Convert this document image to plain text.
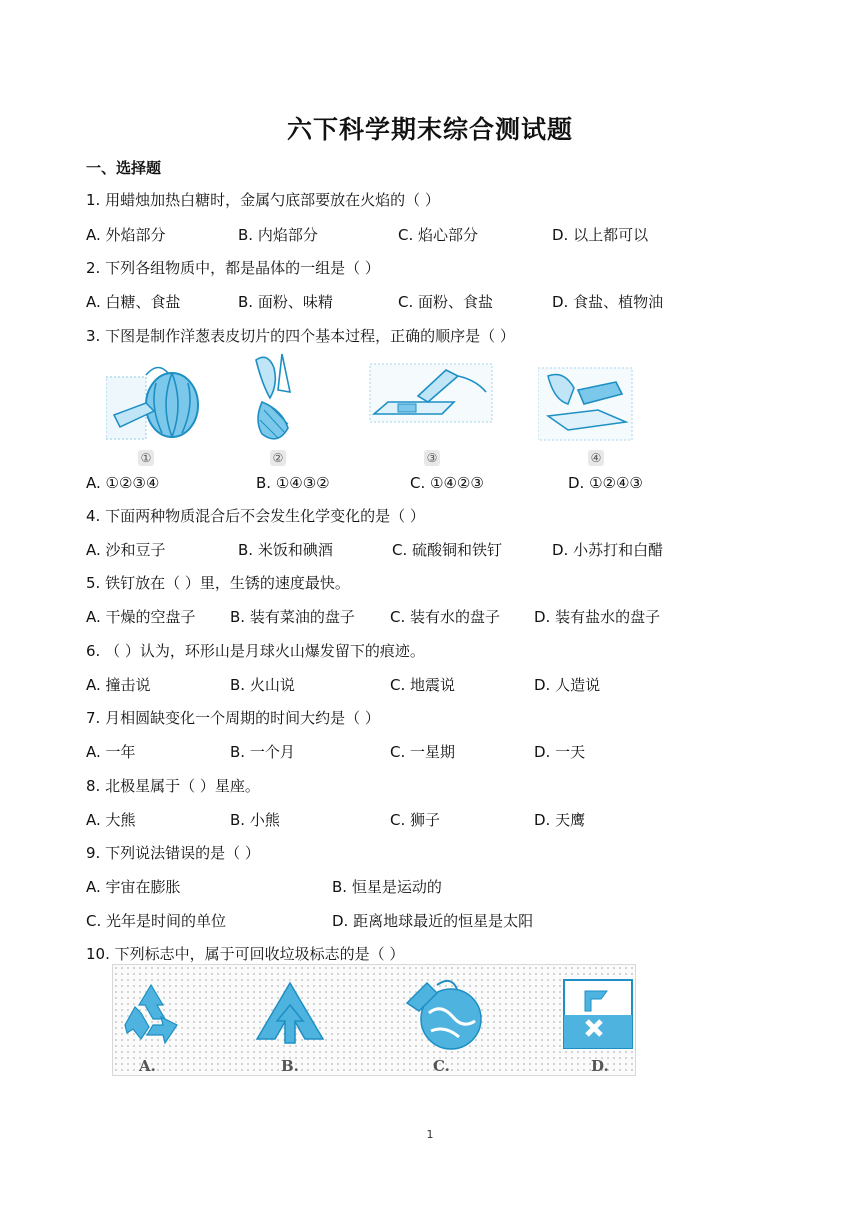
六下科学期末综合测试题
一、选择题
1. 用蜡烛加热白糖时，金属勺底部要放在火焰的（ ）
A. 外焰部分	B. 内焰部分	C. 焰心部分	D. 以上都可以
2. 下列各组物质中，都是晶体的一组是（ ）
A. 白糖、食盐	B. 面粉、味精	C. 面粉、食盐	D. 食盐、植物油
3. 下图是制作洋葱表皮切片的四个基本过程，正确的顺序是（ ）
①	②	③	④
A. ①②③④	B. ①④③②	C. ①④②③	D. ①②④③
4. 下面两种物质混合后不会发生化学变化的是（ ）
A. 沙和豆子	B. 米饭和碘酒	C. 硫酸铜和铁钉	D. 小苏打和白醋
5. 铁钉放在（ ）里，生锈的速度最快。
A. 干燥的空盘子 B. 装有菜油的盘子 C. 装有水的盘子 D. 装有盐水的盘子
6. （ ）认为，环形山是月球火山爆发留下的痕迹。
A. 撞击说	B. 火山说	C. 地震说	D. 人造说
7. 月相圆缺变化一个周期的时间大约是（ ）
A. 一年	B. 一个月	C. 一星期	D. 一天
8. 北极星属于（ ）星座。
A. 大熊	B. 小熊	C. 狮子	D. 天鹰
9. 下列说法错误的是（ ）
A. 宇宙在膨胀	B. 恒星是运动的
C. 光年是时间的单位	D. 距离地球最近的恒星是太阳
10. 下列标志中，属于可回收垃圾标志的是（ ）
A.	B.	C.	D.
1
